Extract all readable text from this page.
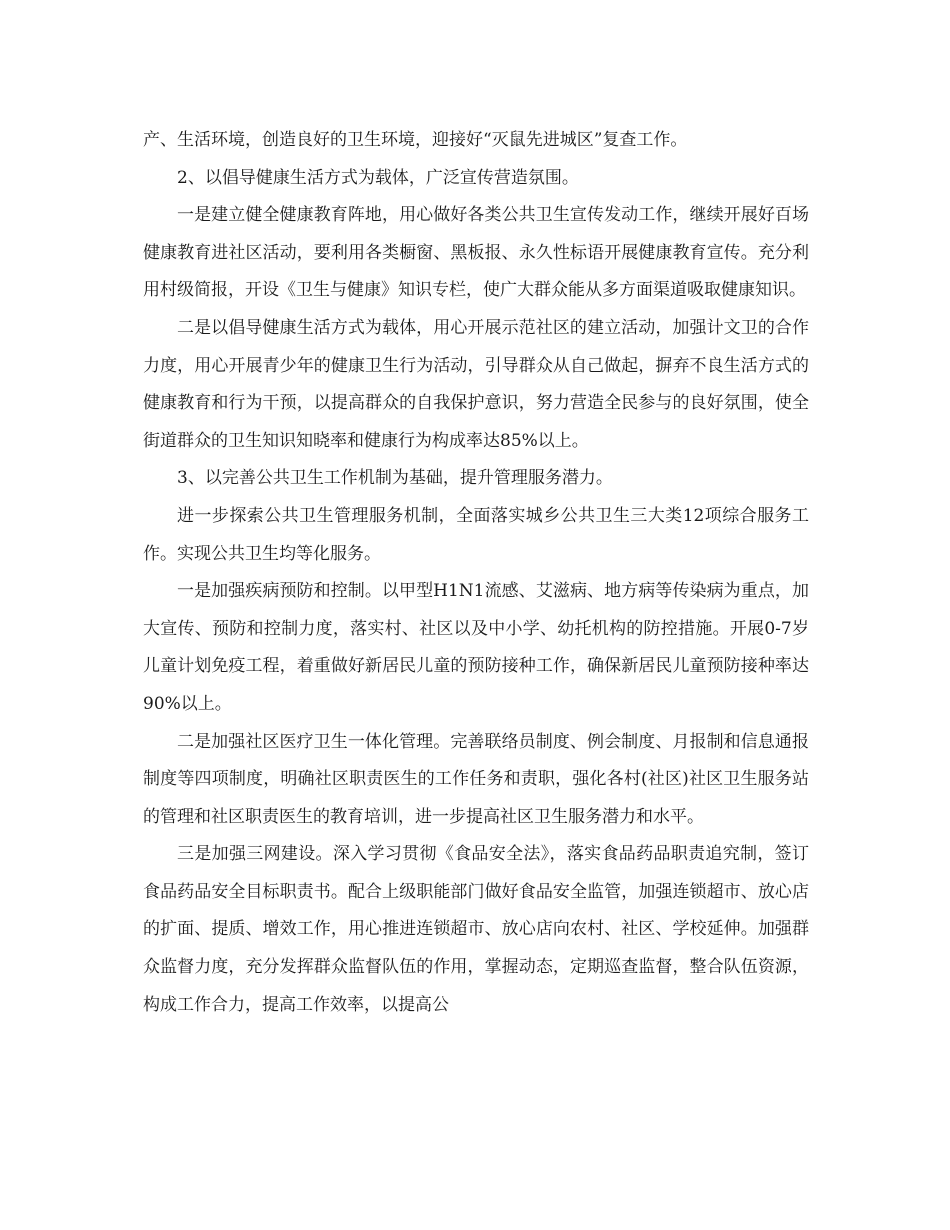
产、生活环境，创造良好的卫生环境，迎接好“灭鼠先进城区”复查工作。

2、以倡导健康生活方式为载体，广泛宣传营造氛围。

一是建立健全健康教育阵地，用心做好各类公共卫生宣传发动工作，继续开展好百场健康教育进社区活动，要利用各类橱窗、黑板报、永久性标语开展健康教育宣传。充分利用村级简报，开设《卫生与健康》知识专栏，使广大群众能从多方面渠道吸取健康知识。

二是以倡导健康生活方式为载体，用心开展示范社区的建立活动，加强计文卫的合作力度，用心开展青少年的健康卫生行为活动，引导群众从自己做起，摒弃不良生活方式的健康教育和行为干预，以提高群众的自我保护意识，努力营造全民参与的良好氛围，使全街道群众的卫生知识知晓率和健康行为构成率达85%以上。

3、以完善公共卫生工作机制为基础，提升管理服务潜力。

进一步探索公共卫生管理服务机制，全面落实城乡公共卫生三大类12项综合服务工作。实现公共卫生均等化服务。

一是加强疾病预防和控制。以甲型H1N1流感、艾滋病、地方病等传染病为重点，加大宣传、预防和控制力度，落实村、社区以及中小学、幼托机构的防控措施。开展0-7岁儿童计划免疫工程，着重做好新居民儿童的预防接种工作，确保新居民儿童预防接种率达90%以上。

二是加强社区医疗卫生一体化管理。完善联络员制度、例会制度、月报制和信息通报制度等四项制度，明确社区职责医生的工作任务和责职，强化各村(社区)社区卫生服务站的管理和社区职责医生的教育培训，进一步提高社区卫生服务潜力和水平。

三是加强三网建设。深入学习贯彻《食品安全法》，落实食品药品职责追究制，签订食品药品安全目标职责书。配合上级职能部门做好食品安全监管，加强连锁超市、放心店的扩面、提质、增效工作，用心推进连锁超市、放心店向农村、社区、学校延伸。加强群众监督力度，充分发挥群众监督队伍的作用，掌握动态，定期巡查监督，整合队伍资源，构成工作合力，提高工作效率，以提高公
